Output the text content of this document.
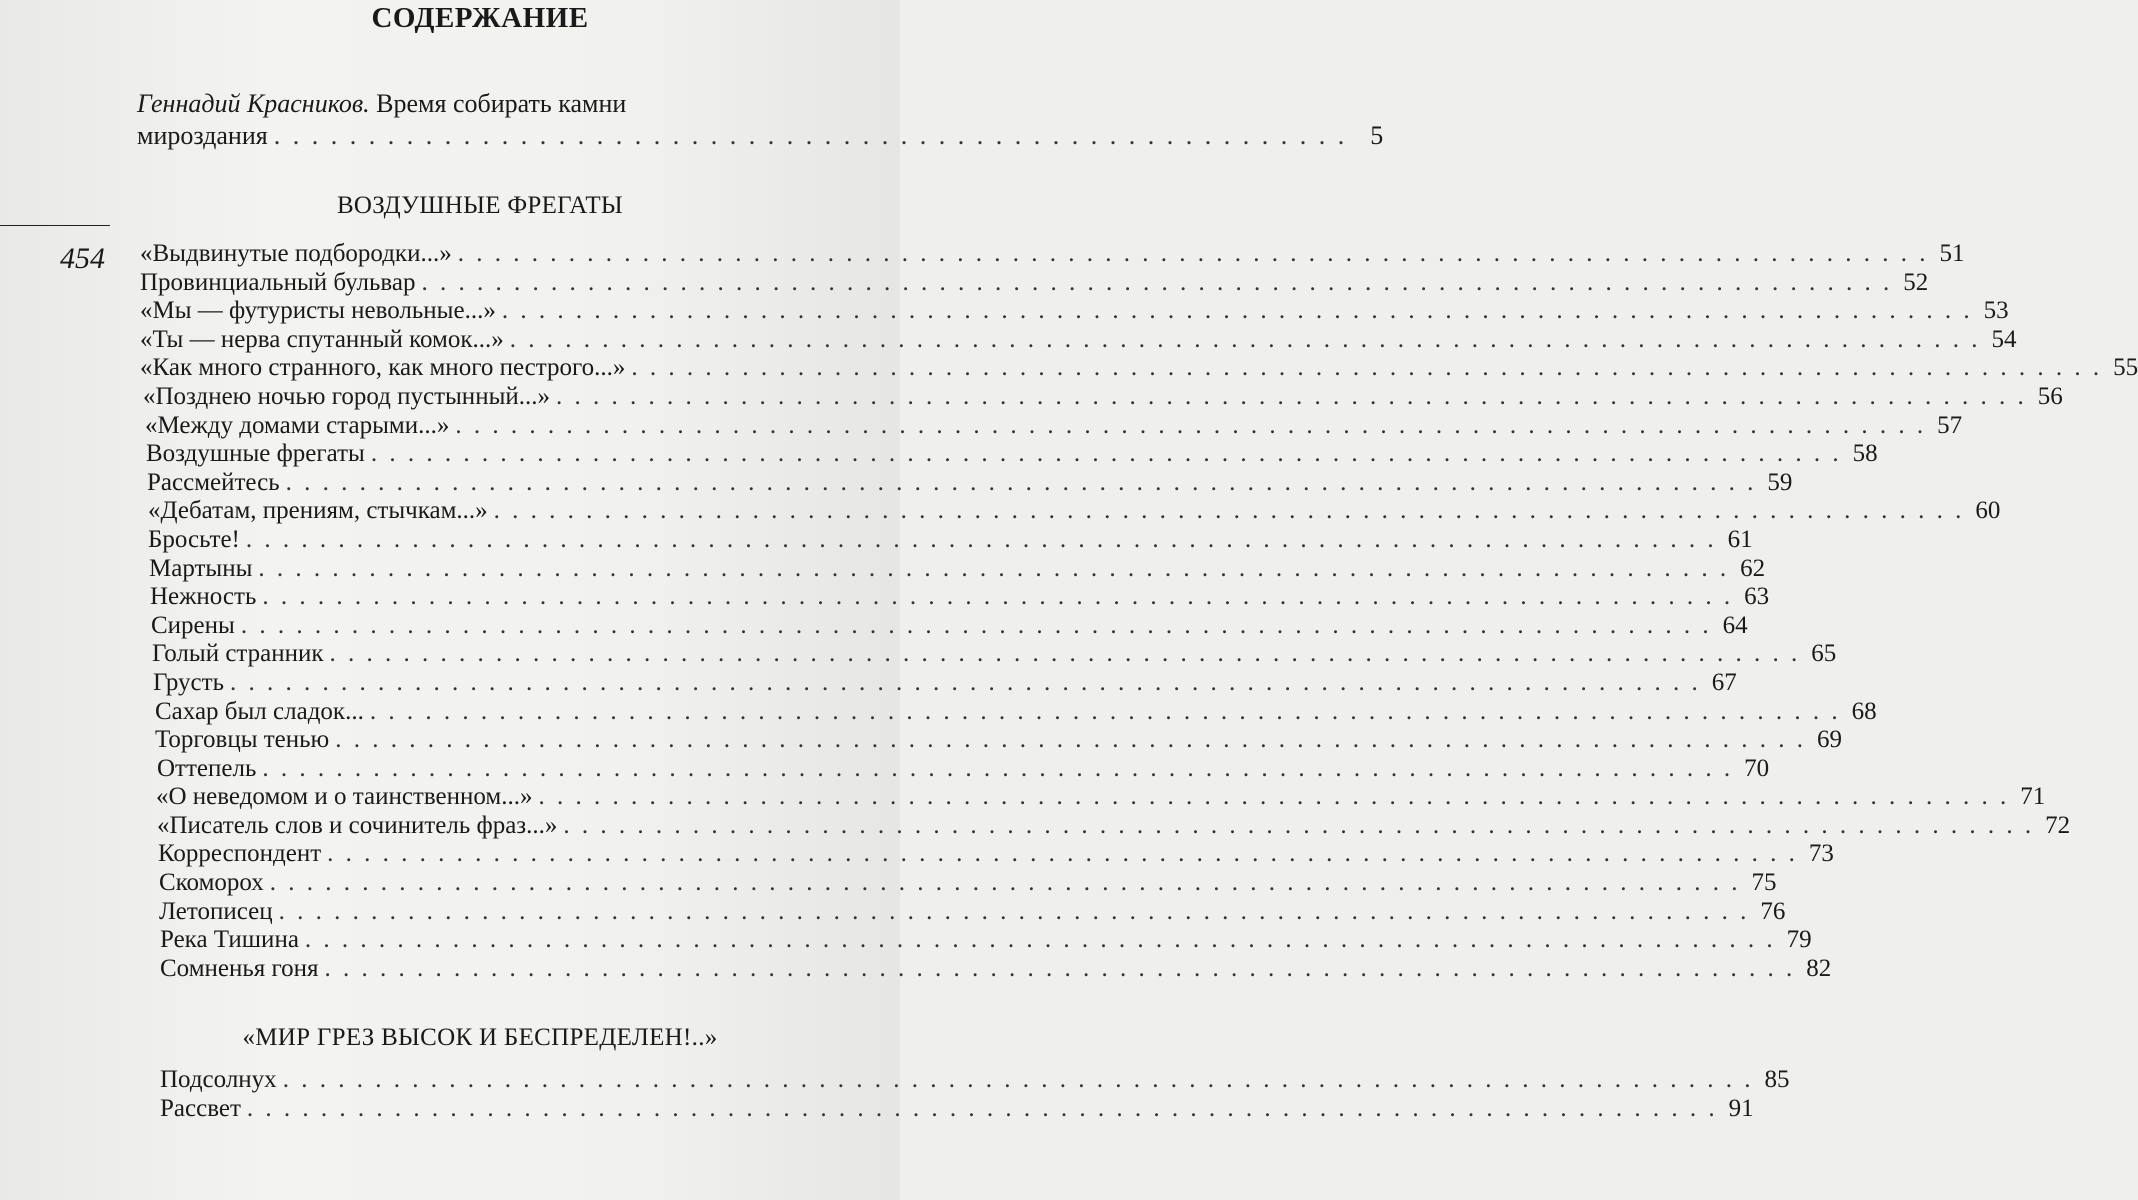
СОДЕРЖАНИЕ
Геннадий Красников. Время собирать камни
мироздания . . . . . . . . . . . . . . . . . . . . . . . . . . . . . . . . . . . . . . . . . . . . . . . . . . . . . . . . . 5
ВОЗДУШНЫЕ ФРЕГАТЫ
454 «Выдвинутые подбородки...» . . . . . . . . . . . . . . . . . . . . . . . . . . . . . . . . . . . . . . . . . . . . . . . . . . . . . . . . . . . . . . . . . . . . . . . . . . . . . . . . 51
Провинциальный бульвар . . . . . . . . . . . . . . . . . . . . . . . . . . . . . . . . . . . . . . . . . . . . . . . . . . . . . . . . . . . . . . . . . . . . . . . . . . . . . . . . 52
«Мы — футуристы невольные...» . . . . . . . . . . . . . . . . . . . . . . . . . . . . . . . . . . . . . . . . . . . . . . . . . . . . . . . . . . . . . . . . . . . . . . . . . . . . . . . . 53
«Ты — нерва спутанный комок...» . . . . . . . . . . . . . . . . . . . . . . . . . . . . . . . . . . . . . . . . . . . . . . . . . . . . . . . . . . . . . . . . . . . . . . . . . . . . . . . . 54
«Как много странного, как много пестрого...» . . . . . . . . . . . . . . . . . . . . . . . . . . . . . . . . . . . . . . . . . . . . . . . . . . . . . . . . . . . . . . . . . . . . . . . . . . . . . . . . 55
«Позднею ночью город пустынный...» . . . . . . . . . . . . . . . . . . . . . . . . . . . . . . . . . . . . . . . . . . . . . . . . . . . . . . . . . . . . . . . . . . . . . . . . . . . . . . . . 56
«Между домами старыми...» . . . . . . . . . . . . . . . . . . . . . . . . . . . . . . . . . . . . . . . . . . . . . . . . . . . . . . . . . . . . . . . . . . . . . . . . . . . . . . . . 57
Воздушные фрегаты . . . . . . . . . . . . . . . . . . . . . . . . . . . . . . . . . . . . . . . . . . . . . . . . . . . . . . . . . . . . . . . . . . . . . . . . . . . . . . . . 58
Рассмейтесь . . . . . . . . . . . . . . . . . . . . . . . . . . . . . . . . . . . . . . . . . . . . . . . . . . . . . . . . . . . . . . . . . . . . . . . . . . . . . . . . 59
«Дебатам, прениям, стычкам...» . . . . . . . . . . . . . . . . . . . . . . . . . . . . . . . . . . . . . . . . . . . . . . . . . . . . . . . . . . . . . . . . . . . . . . . . . . . . . . . . 60
Бросьте! . . . . . . . . . . . . . . . . . . . . . . . . . . . . . . . . . . . . . . . . . . . . . . . . . . . . . . . . . . . . . . . . . . . . . . . . . . . . . . . . 61
Мартыны . . . . . . . . . . . . . . . . . . . . . . . . . . . . . . . . . . . . . . . . . . . . . . . . . . . . . . . . . . . . . . . . . . . . . . . . . . . . . . . . 62
Нежность . . . . . . . . . . . . . . . . . . . . . . . . . . . . . . . . . . . . . . . . . . . . . . . . . . . . . . . . . . . . . . . . . . . . . . . . . . . . . . . . 63
Сирены . . . . . . . . . . . . . . . . . . . . . . . . . . . . . . . . . . . . . . . . . . . . . . . . . . . . . . . . . . . . . . . . . . . . . . . . . . . . . . . . 64
Голый странник . . . . . . . . . . . . . . . . . . . . . . . . . . . . . . . . . . . . . . . . . . . . . . . . . . . . . . . . . . . . . . . . . . . . . . . . . . . . . . . . 65
Грусть . . . . . . . . . . . . . . . . . . . . . . . . . . . . . . . . . . . . . . . . . . . . . . . . . . . . . . . . . . . . . . . . . . . . . . . . . . . . . . . . 67
Сахар был сладок... . . . . . . . . . . . . . . . . . . . . . . . . . . . . . . . . . . . . . . . . . . . . . . . . . . . . . . . . . . . . . . . . . . . . . . . . . . . . . . . . 68
Торговцы тенью . . . . . . . . . . . . . . . . . . . . . . . . . . . . . . . . . . . . . . . . . . . . . . . . . . . . . . . . . . . . . . . . . . . . . . . . . . . . . . . . 69
Оттепель . . . . . . . . . . . . . . . . . . . . . . . . . . . . . . . . . . . . . . . . . . . . . . . . . . . . . . . . . . . . . . . . . . . . . . . . . . . . . . . . 70
«О неведомом и о таинственном...» . . . . . . . . . . . . . . . . . . . . . . . . . . . . . . . . . . . . . . . . . . . . . . . . . . . . . . . . . . . . . . . . . . . . . . . . . . . . . . . . 71
«Писатель слов и сочинитель фраз...» . . . . . . . . . . . . . . . . . . . . . . . . . . . . . . . . . . . . . . . . . . . . . . . . . . . . . . . . . . . . . . . . . . . . . . . . . . . . . . . . 72
Корреспондент . . . . . . . . . . . . . . . . . . . . . . . . . . . . . . . . . . . . . . . . . . . . . . . . . . . . . . . . . . . . . . . . . . . . . . . . . . . . . . . . 73
Скоморох . . . . . . . . . . . . . . . . . . . . . . . . . . . . . . . . . . . . . . . . . . . . . . . . . . . . . . . . . . . . . . . . . . . . . . . . . . . . . . . . 75
Летописец . . . . . . . . . . . . . . . . . . . . . . . . . . . . . . . . . . . . . . . . . . . . . . . . . . . . . . . . . . . . . . . . . . . . . . . . . . . . . . . . 76
Река Тишина . . . . . . . . . . . . . . . . . . . . . . . . . . . . . . . . . . . . . . . . . . . . . . . . . . . . . . . . . . . . . . . . . . . . . . . . . . . . . . . . 79
Сомненья гоня . . . . . . . . . . . . . . . . . . . . . . . . . . . . . . . . . . . . . . . . . . . . . . . . . . . . . . . . . . . . . . . . . . . . . . . . . . . . . . . . 82
«МИР ГРЕЗ ВЫСОК И БЕСПРЕДЕЛЕН!..»
Подсолнух . . . . . . . . . . . . . . . . . . . . . . . . . . . . . . . . . . . . . . . . . . . . . . . . . . . . . . . . . . . . . . . . . . . . . . . . . . . . . . . . 85
Рассвет . . . . . . . . . . . . . . . . . . . . . . . . . . . . . . . . . . . . . . . . . . . . . . . . . . . . . . . . . . . . . . . . . . . . . . . . . . . . . . . . 91
